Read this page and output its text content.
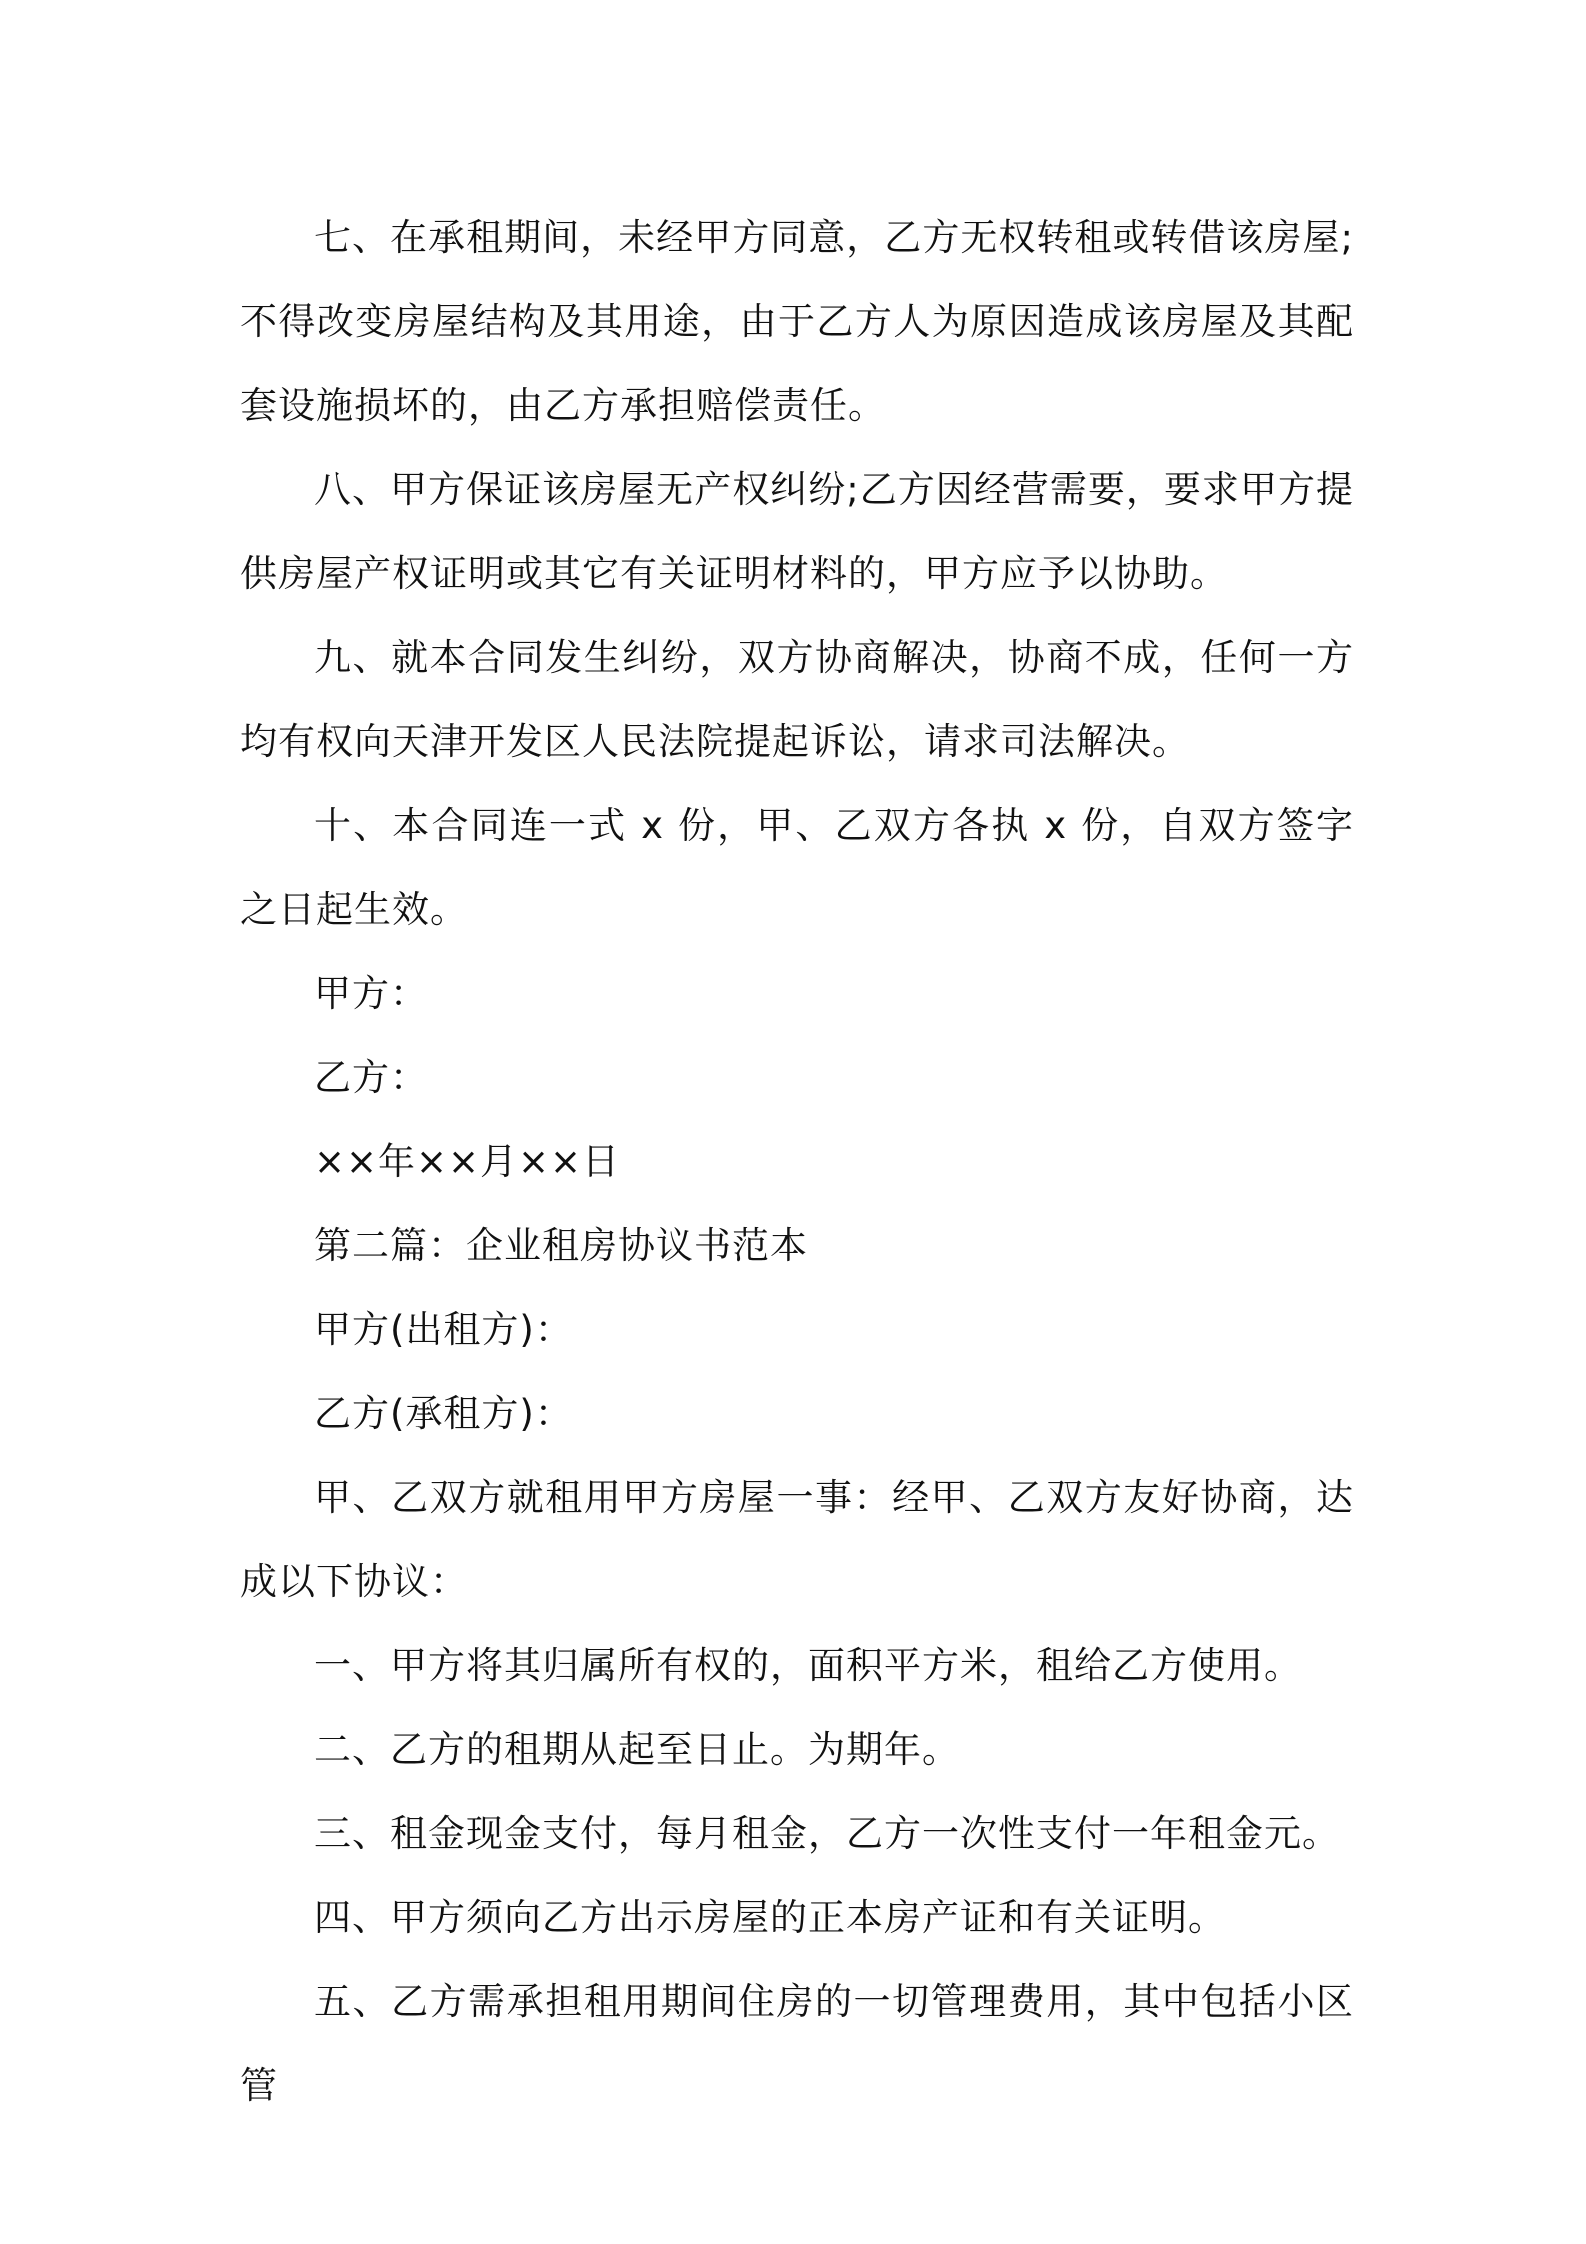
七、在承租期间，未经甲方同意，乙方无权转租或转借该房屋;不得改变房屋结构及其用途，由于乙方人为原因造成该房屋及其配套设施损坏的，由乙方承担赔偿责任。

八、甲方保证该房屋无产权纠纷;乙方因经营需要，要求甲方提供房屋产权证明或其它有关证明材料的，甲方应予以协助。

九、就本合同发生纠纷，双方协商解决，协商不成，任何一方均有权向天津开发区人民法院提起诉讼，请求司法解决。

十、本合同连一式 x 份，甲、乙双方各执 x 份，自双方签字之日起生效。

甲方：

乙方：

××年××月××日

第二篇：企业租房协议书范本

甲方(出租方)：

乙方(承租方)：

甲、乙双方就租用甲方房屋一事：经甲、乙双方友好协商，达成以下协议：

一、甲方将其归属所有权的，面积平方米，租给乙方使用。

二、乙方的租期从起至日止。为期年。

三、租金现金支付，每月租金，乙方一次性支付一年租金元。

四、甲方须向乙方出示房屋的正本房产证和有关证明。

五、乙方需承担租用期间住房的一切管理费用，其中包括小区管
